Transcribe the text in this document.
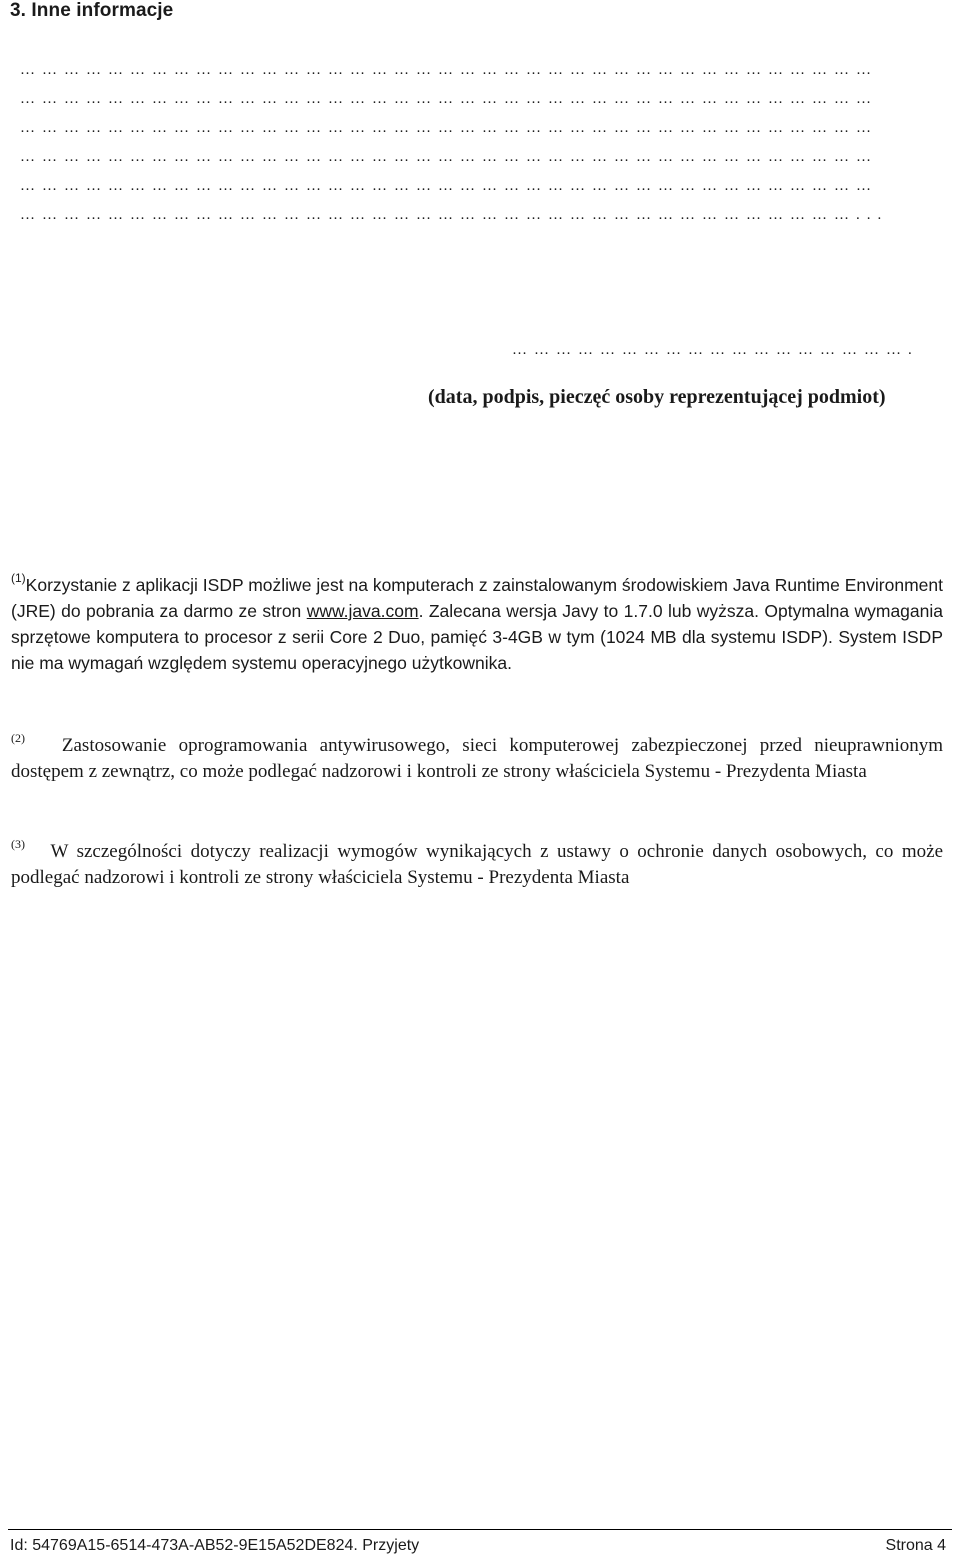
3. Inne informacje
………………………………………………………………………………………………………
………………………………………………………………………………………………………
………………………………………………………………………………………………………
………………………………………………………………………………………………………
………………………………………………………………………………………………………
……………………………………………………………………………………………………...
……………………………………………….
(data, podpis, pieczęć osoby reprezentującej podmiot)
$^{(1)}$Korzystanie z aplikacji ISDP możliwe jest na komputerach z zainstalowanym środowiskiem Java Runtime Environment (JRE) do pobrania za darmo ze stron www.java.com. Zalecana wersja Javy to 1.7.0 lub wyższa. Optymalna wymagania sprzętowe komputera to procesor z serii Core 2 Duo, pamięć 3-4GB w tym (1024 MB dla systemu ISDP). System ISDP nie ma wymagań względem systemu operacyjnego użytkownika.
$^{(2)}$ Zastosowanie oprogramowania antywirusowego, sieci komputerowej zabezpieczonej przed nieuprawnionym dostępem z zewnątrz, co może podlegać nadzorowi i kontroli ze strony właściciela Systemu - Prezydenta Miasta
$^{(3)}$ W szczególności dotyczy realizacji wymogów wynikających z ustawy o ochronie danych osobowych, co może podlegać nadzorowi i kontroli ze strony właściciela Systemu - Prezydenta Miasta
Id: 54769A15-6514-473A-AB52-9E15A52DE824. Przyjety	Strona 4
